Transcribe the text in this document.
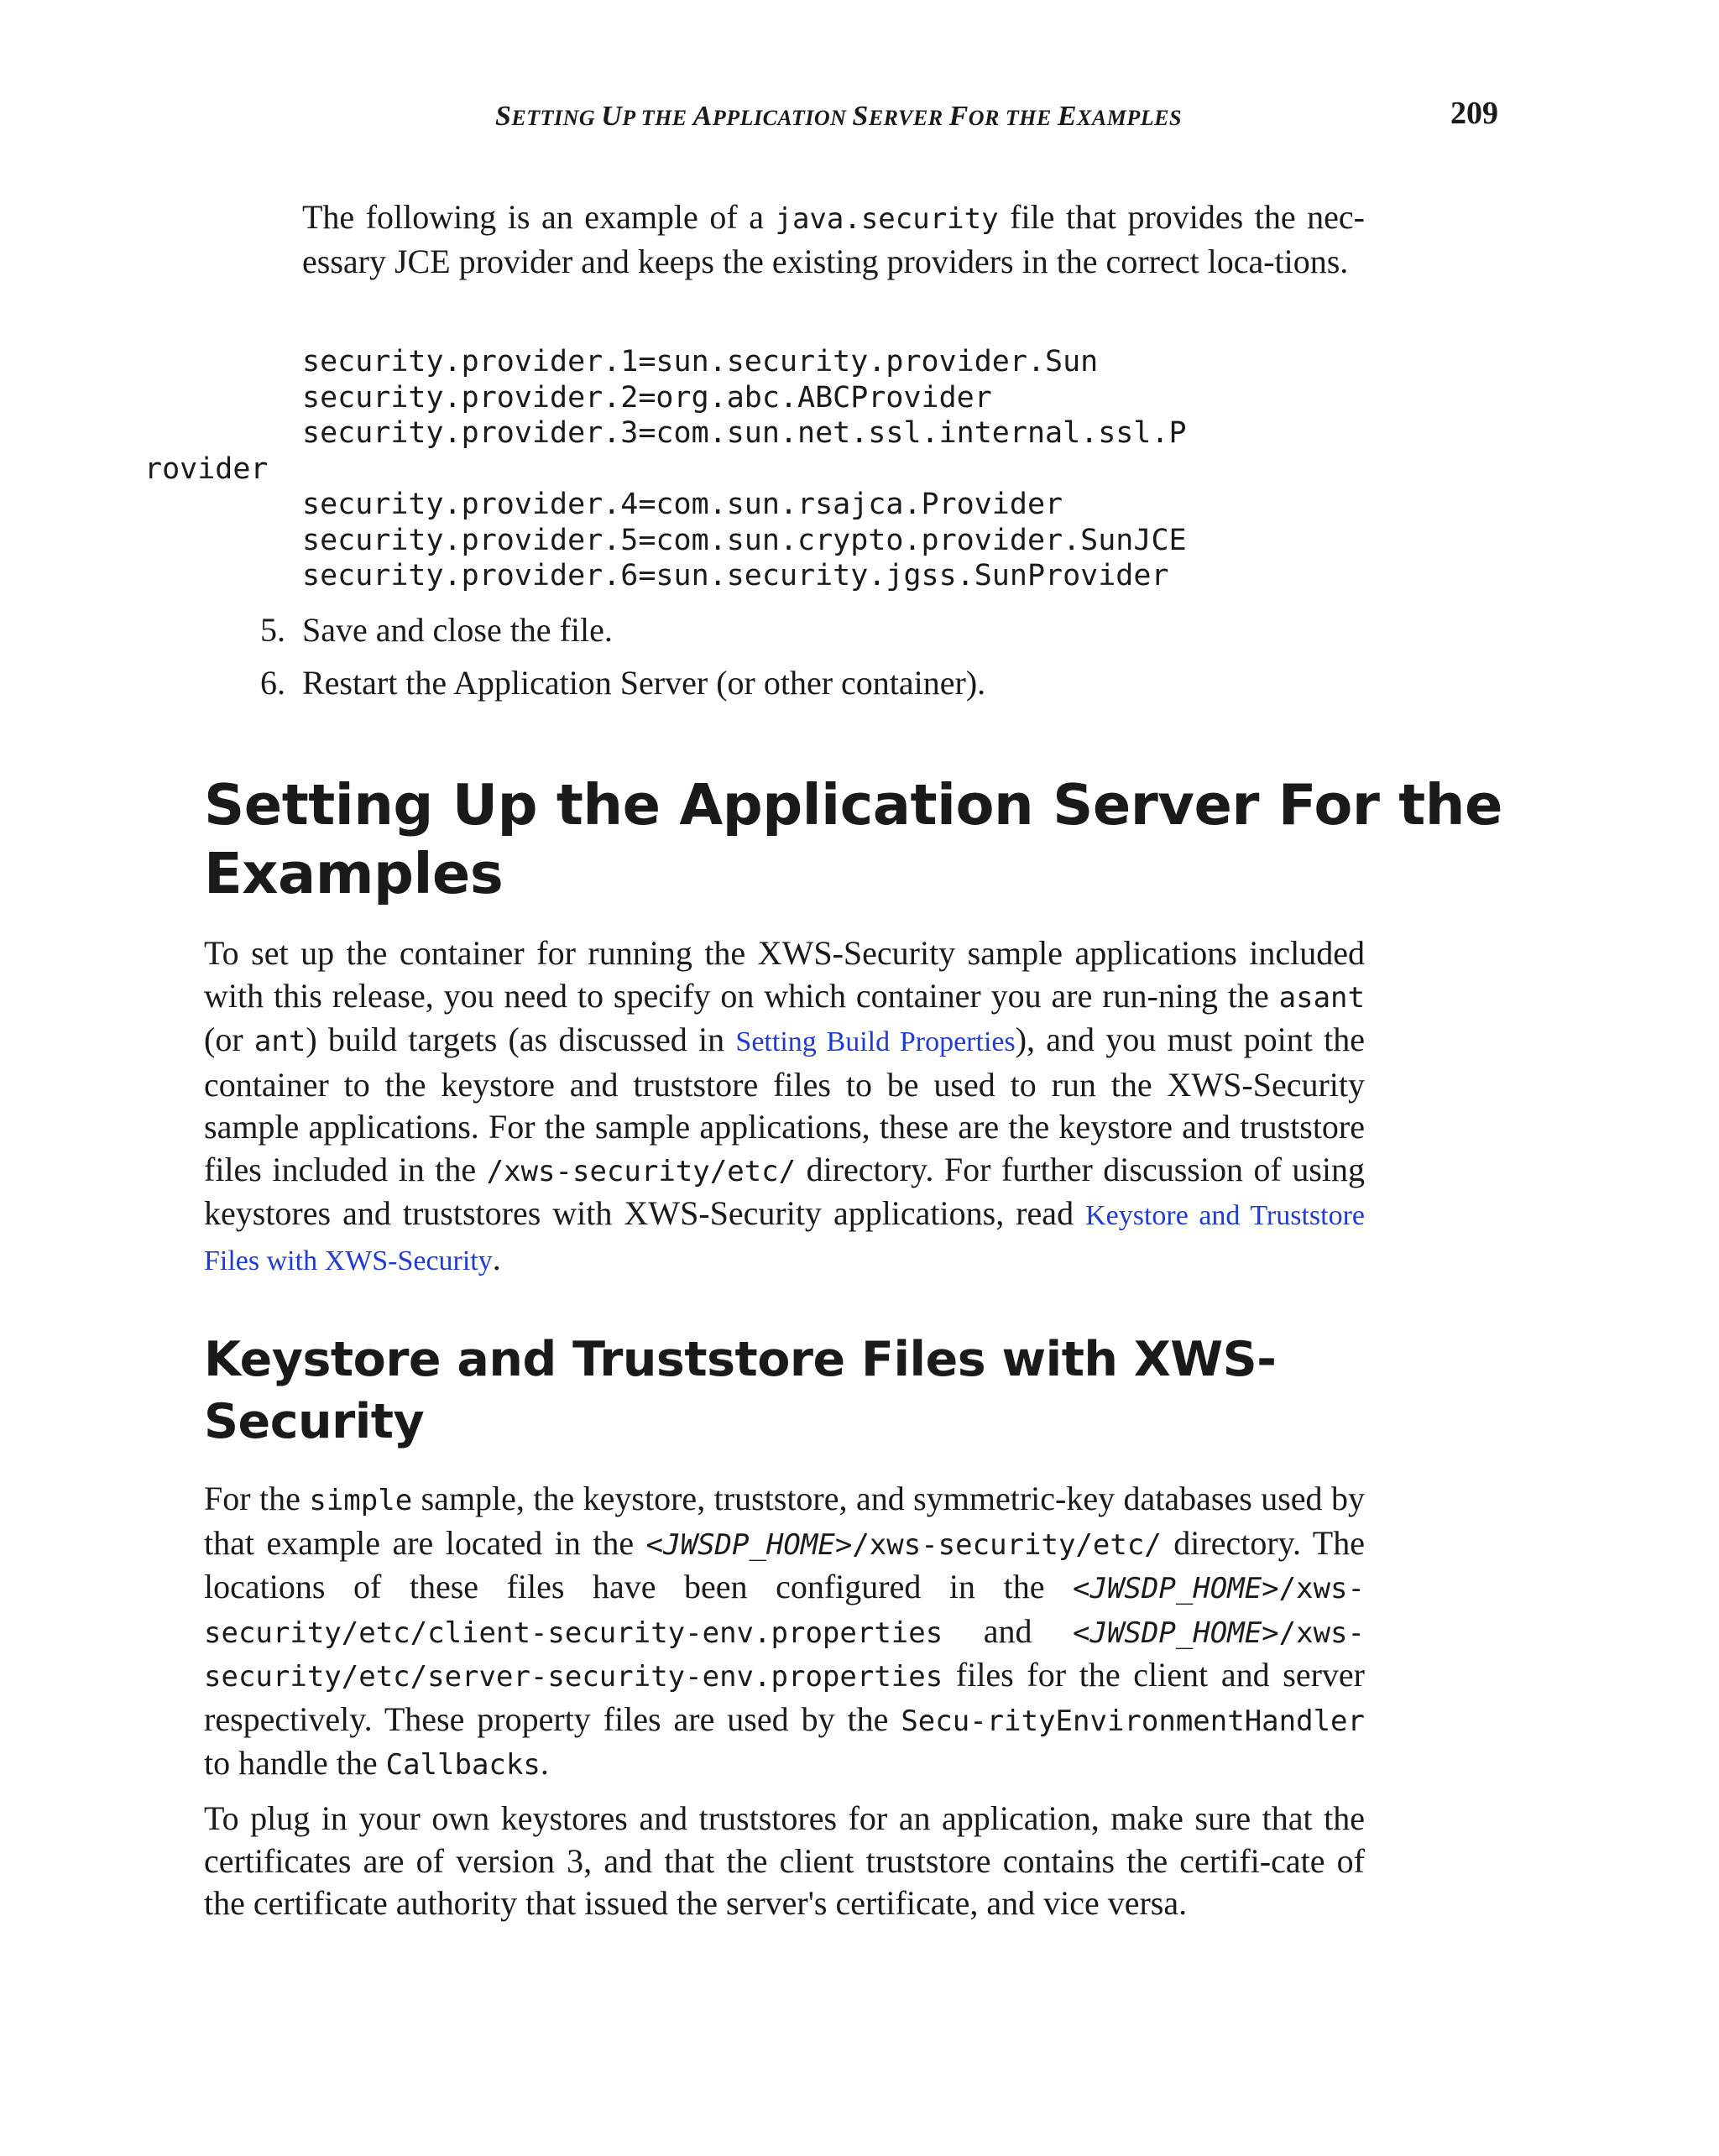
SETTING UP THE APPLICATION SERVER FOR THE EXAMPLES	209

The following is an example of a java.security file that provides the nec-essary JCE provider and keeps the existing providers in the correct loca-tions.

security.provider.1=sun.security.provider.Sun
security.provider.2=org.abc.ABCProvider
security.provider.3=com.sun.net.ssl.internal.ssl.P
rovider
security.provider.4=com.sun.rsajca.Provider
security.provider.5=com.sun.crypto.provider.SunJCE
security.provider.6=sun.security.jgss.SunProvider
5. Save and close the file.
6. Restart the Application Server (or other container).
Setting Up the Application Server For the
Examples

To set up the container for running the XWS-Security sample applications included with this release, you need to specify on which container you are run-ning the asant (or ant) build targets (as discussed in Setting Build Properties), and you must point the container to the keystore and truststore files to be used to run the XWS-Security sample applications. For the sample applications, these are the keystore and truststore files included in the /xws-security/etc/ directory. For further discussion of using keystores and truststores with XWS-Security applications, read Keystore and Truststore Files with XWS-Security.

Keystore and Truststore Files with XWS-
Security

For the simple sample, the keystore, truststore, and symmetric-key databases used by that example are located in the <JWSDP_HOME>/xws-security/etc/ directory. The locations of these files have been configured in the <JWSDP_HOME>/xws-security/etc/client-security-env.properties and <JWSDP_HOME>/xws-security/etc/server-security-env.properties files for the client and server respectively. These property files are used by the Secu-rityEnvironmentHandler to handle the Callbacks.

To plug in your own keystores and truststores for an application, make sure that the certificates are of version 3, and that the client truststore contains the certifi-cate of the certificate authority that issued the server's certificate, and vice versa.
